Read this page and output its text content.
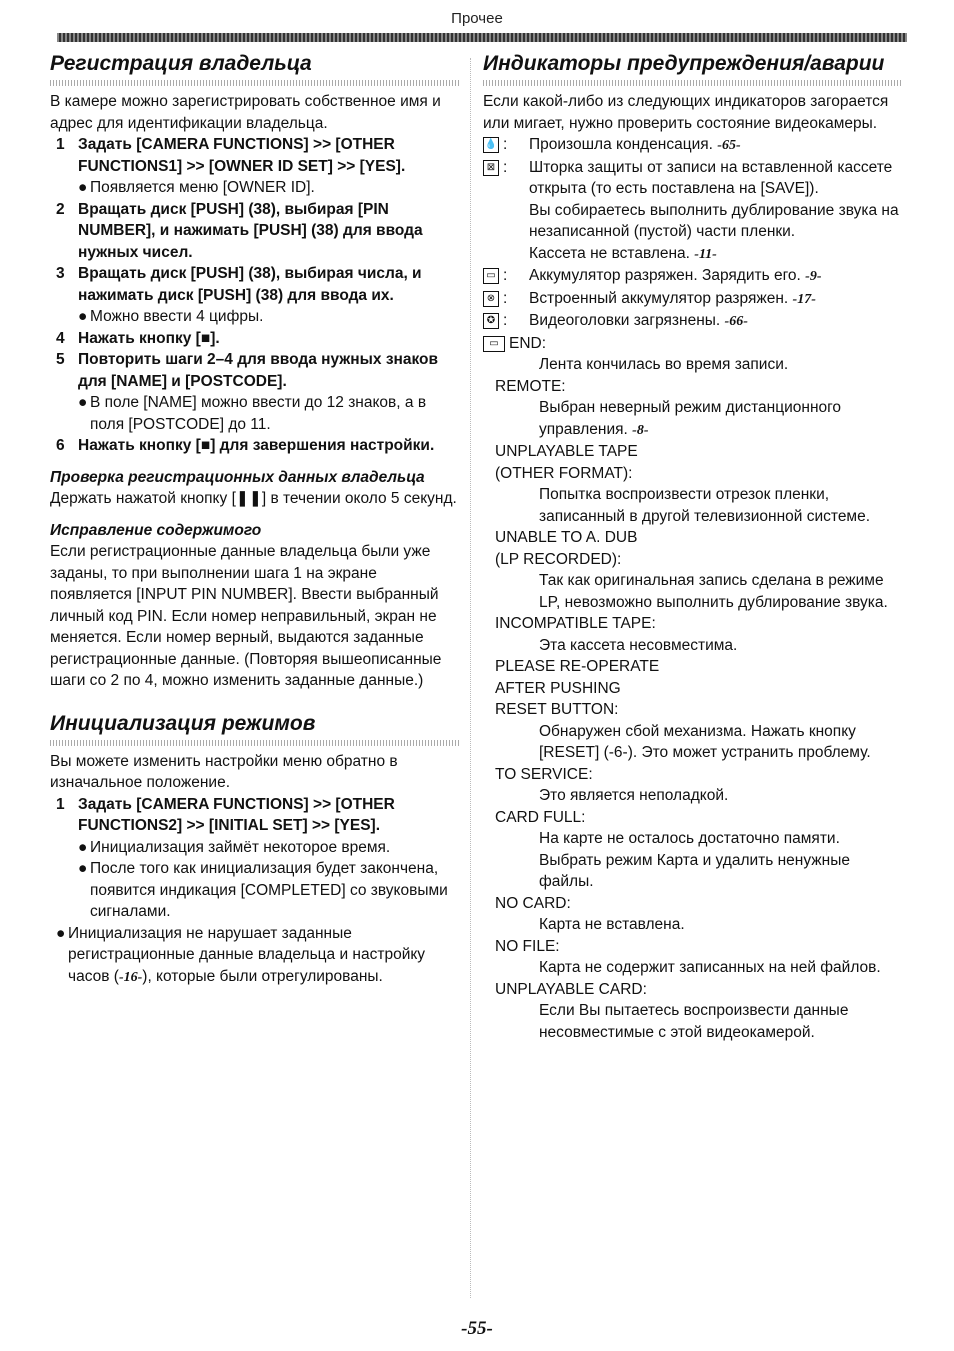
Прочее
Регистрация владельца

В камере можно зарегистрировать собственное имя и адрес для идентификации владельца.

1 Задать [CAMERA FUNCTIONS] >> [OTHER FUNCTIONS1] >> [OWNER ID SET] >> [YES].
● Появляется меню [OWNER ID].
2 Вращать диск [PUSH] (38), выбирая [PIN NUMBER], и нажимать [PUSH] (38) для ввода нужных чисел.
3 Вращать диск [PUSH] (38), выбирая числа, и нажимать диск [PUSH] (38) для ввода их.
● Можно ввести 4 цифры.
4 Нажать кнопку [■].
5 Повторить шаги 2–4 для ввода нужных знаков для [NAME] и [POSTCODE].
● В поле [NAME] можно ввести до 12 знаков, а в поля [POSTCODE] до 11.
6 Нажать кнопку [■] для завершения настройки.
Проверка регистрационных данных владельца

Держать нажатой кнопку [❚❚] в течении около 5 секунд.

Исправление содержимого

Если регистрационные данные владельца были уже заданы, то при выполнении шага 1 на экране появляется [INPUT PIN NUMBER]. Ввести выбранный личный код PIN. Если номер неправильный, экран не меняется. Если номер верный, выдаются заданные регистрационные данные. (Повторяя вышеописанные шаги со 2 по 4, можно изменить заданные данные.)

Инициализация режимов

Вы можете изменить настройки меню обратно в изначальное положение.

1 Задать [CAMERA FUNCTIONS] >> [OTHER FUNCTIONS2] >> [INITIAL SET] >> [YES].
● Инициализация займёт некоторое время.
● После того как инициализация будет закончена, появится индикация [COMPLETED] со звуковыми сигналами.
● Инициализация не нарушает заданные регистрационные данные владельца и настройку часов (-16-), которые были отрегулированы.
Индикаторы предупреждения/аварии

Если какой-либо из следующих индикаторов загорается или мигает, нужно проверить состояние видеокамеры.

💧 : Произошла конденсация. -65-
⊠ : Шторка защиты от записи на вставленной кассете открыта (то есть поставлена на [SAVE]).
Вы собираетесь выполнить дублирование звука на незаписанной (пустой) части пленки.
Кассета не вставлена. -11-
▭ : Аккумулятор разряжен. Зарядить его. -9-
⊗ : Встроенный аккумулятор разряжен. -17-
✪ : Видеоголовки загрязнены. -66-
▭ END:
Лента кончилась во время записи.
REMOTE:
Выбран неверный режим дистанционного управления. -8-
UNPLAYABLE TAPE
(OTHER FORMAT):
Попытка воспроизвести отрезок пленки, записанный в другой телевизионной системе.
UNABLE TO A. DUB
(LP RECORDED):
Так как оригинальная запись сделана в режиме LP, невозможно выполнить дублирование звука.
INCOMPATIBLE TAPE:
Эта кассета несовместима.
PLEASE RE-OPERATE
AFTER PUSHING
RESET BUTTON:
Обнаружен сбой механизма. Нажать кнопку [RESET] (-6-). Это может устранить проблему.
TO SERVICE:
Это является неполадкой.
CARD FULL:
На карте не осталось достаточно памяти. Выбрать режим Карта и удалить ненужные файлы.
NO CARD:
Карта не вставлена.
NO FILE:
Карта не содержит записанных на ней файлов.
UNPLAYABLE CARD:
Если Вы пытаетесь воспроизвести данные несовместимые с этой видеокамерой.
-55-
